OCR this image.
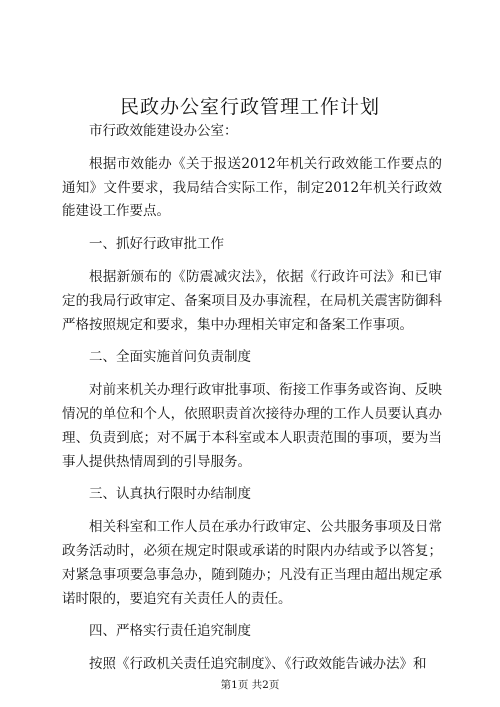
民政办公室行政管理工作计划

市行政效能建设办公室：

根据市效能办《关于报送2012年机关行政效能工作要点的通知》文件要求，我局结合实际工作，制定2012年机关行政效能建设工作要点。

一、抓好行政审批工作

根据新颁布的《防震减灾法》，依据《行政许可法》和已审定的我局行政审定、备案项目及办事流程，在局机关震害防御科严格按照规定和要求，集中办理相关审定和备案工作事项。

二、全面实施首问负责制度

对前来机关办理行政审批事项、衔接工作事务或咨询、反映情况的单位和个人，依照职责首次接待办理的工作人员要认真办理、负责到底；对不属于本科室或本人职责范围的事项，要为当事人提供热情周到的引导服务。

三、认真执行限时办结制度

相关科室和工作人员在承办行政审定、公共服务事项及日常政务活动时，必须在规定时限或承诺的时限内办结或予以答复；对紧急事项要急事急办，随到随办；凡没有正当理由超出规定承诺时限的，要追究有关责任人的责任。

四、严格实行责任追究制度

按照《行政机关责任追究制度》、《行政效能告诫办法》和

第1页 共2页
